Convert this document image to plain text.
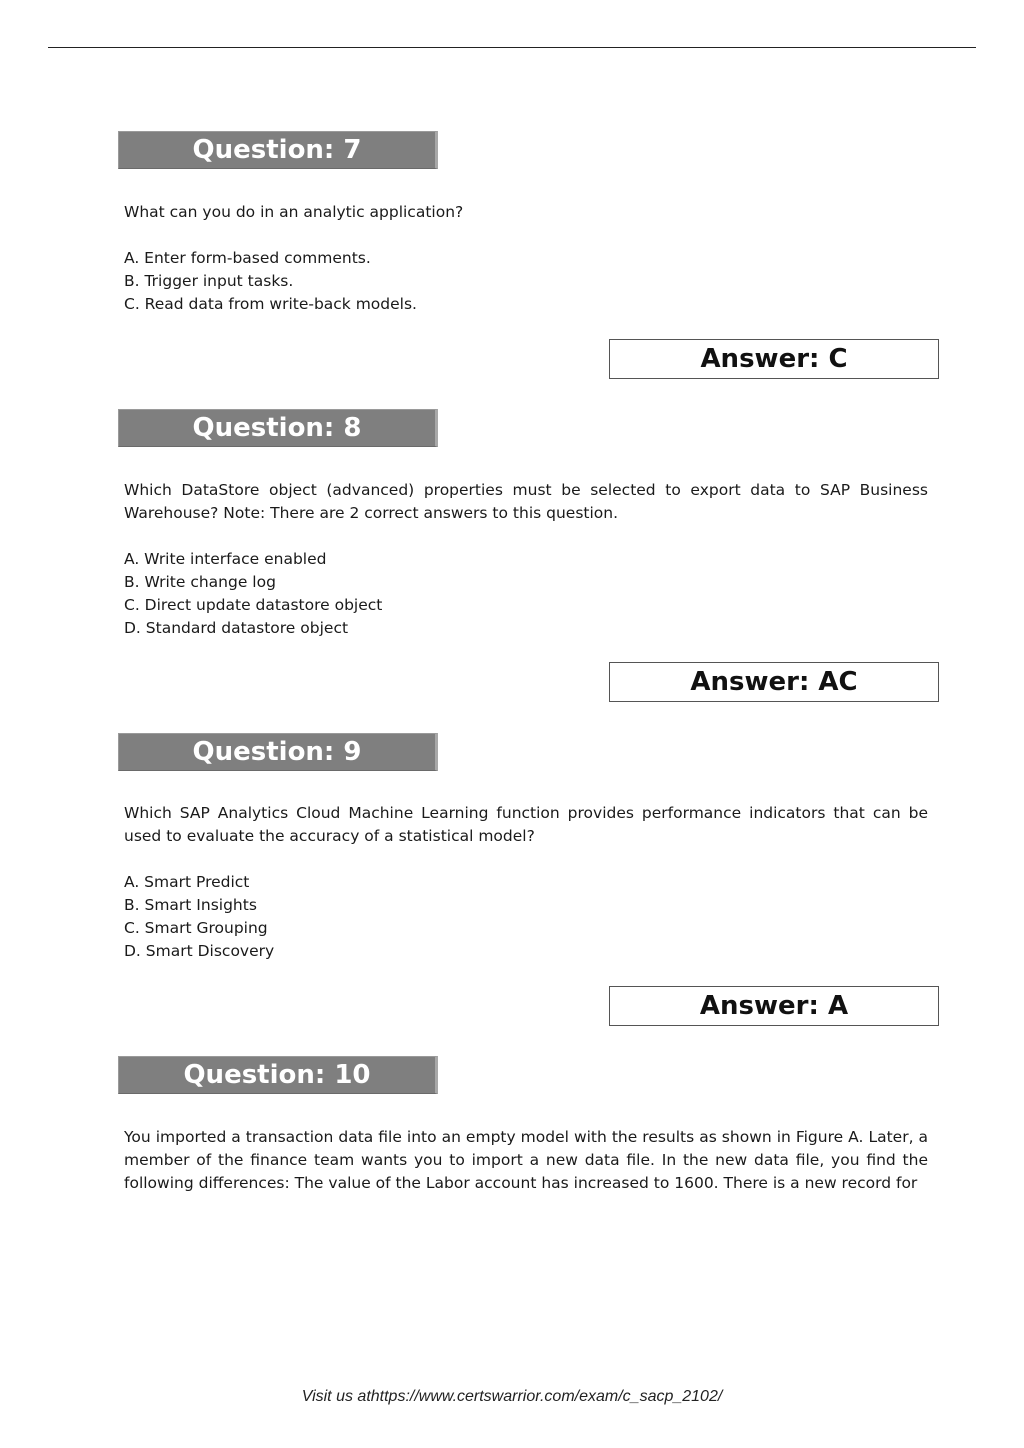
Question: 7
What can you do in an analytic application?
A. Enter form-based comments.
B. Trigger input tasks.
C. Read data from write-back models.
Answer: C
Question: 8
Which DataStore object (advanced) properties must be selected to export data to SAP Business Warehouse? Note: There are 2 correct answers to this question.
A. Write interface enabled
B. Write change log
C. Direct update datastore object
D. Standard datastore object
Answer: AC
Question: 9
Which SAP Analytics Cloud Machine Learning function provides performance indicators that can be used to evaluate the accuracy of a statistical model?
A. Smart Predict
B. Smart Insights
C. Smart Grouping
D. Smart Discovery
Answer: A
Question: 10
You imported a transaction data file into an empty model with the results as shown in Figure A. Later, a member of the finance team wants you to import a new data file. In the new data file, you find the following differences: The value of the Labor account has increased to 1600. There is a new record for
Visit us athttps://www.certswarrior.com/exam/c_sacp_2102/
